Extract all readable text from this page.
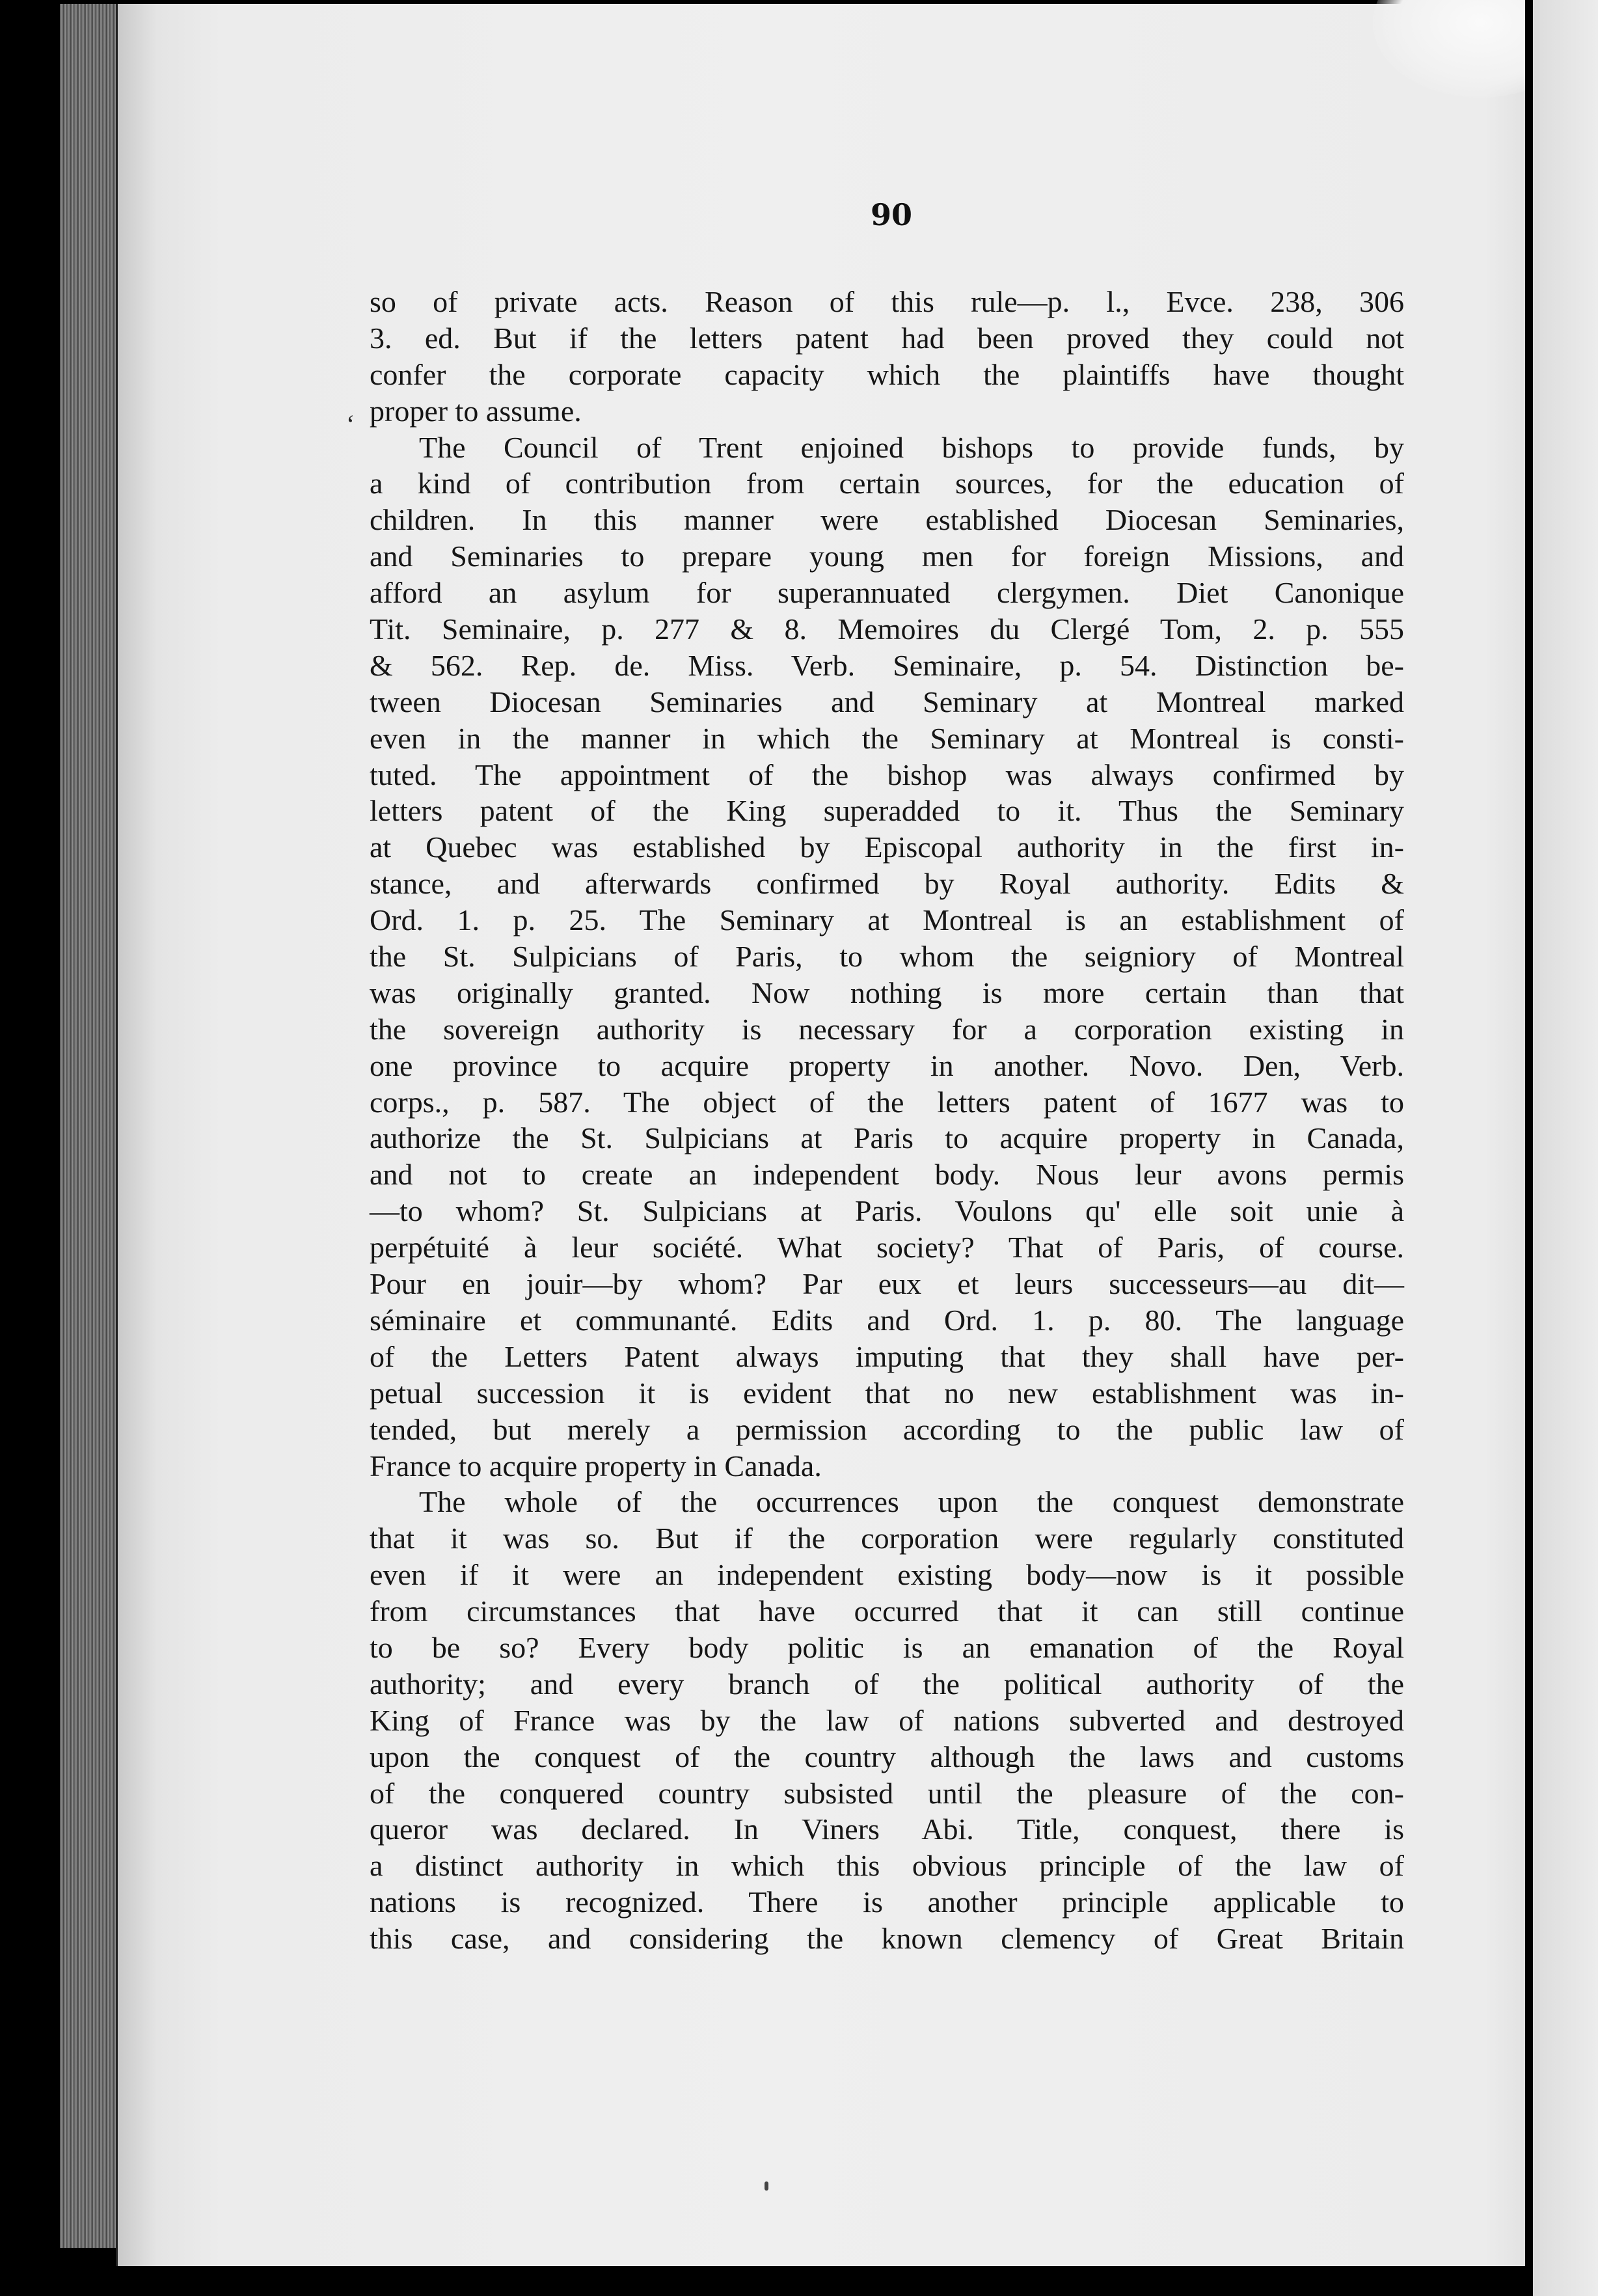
90
‘
so of private acts. Reason of this rule—p. l., Evce. 238, 306
3. ed. But if the letters patent had been proved they could not
confer the corporate capacity which the plaintiffs have thought
proper to assume.
The Council of Trent enjoined bishops to provide funds, by
a kind of contribution from certain sources, for the education of
children. In this manner were established Diocesan Seminaries,
and Seminaries to prepare young men for foreign Missions, and
afford an asylum for superannuated clergymen. Diet Canonique
Tit. Seminaire, p. 277 & 8. Memoires du Clergé Tom, 2. p. 555
& 562. Rep. de. Miss. Verb. Seminaire, p. 54. Distinction be-
tween Diocesan Seminaries and Seminary at Montreal marked
even in the manner in which the Seminary at Montreal is consti-
tuted. The appointment of the bishop was always confirmed by
letters patent of the King superadded to it. Thus the Seminary
at Quebec was established by Episcopal authority in the first in-
stance, and afterwards confirmed by Royal authority. Edits &
Ord. 1. p. 25. The Seminary at Montreal is an establishment of
the St. Sulpicians of Paris, to whom the seigniory of Montreal
was originally granted. Now nothing is more certain than that
the sovereign authority is necessary for a corporation existing in
one province to acquire property in another. Novo. Den, Verb.
corps., p. 587. The object of the letters patent of 1677 was to
authorize the St. Sulpicians at Paris to acquire property in Canada,
and not to create an independent body. Nous leur avons permis
—to whom? St. Sulpicians at Paris. Voulons qu' elle soit unie à
perpétuité à leur société. What society? That of Paris, of course.
Pour en jouir—by whom? Par eux et leurs successeurs—au dit—
séminaire et communanté. Edits and Ord. 1. p. 80. The language
of the Letters Patent always imputing that they shall have per-
petual succession it is evident that no new establishment was in-
tended, but merely a permission according to the public law of
France to acquire property in Canada.
The whole of the occurrences upon the conquest demonstrate
that it was so. But if the corporation were regularly constituted
even if it were an independent existing body—now is it possible
from circumstances that have occurred that it can still continue
to be so? Every body politic is an emanation of the Royal
authority; and every branch of the political authority of the
King of France was by the law of nations subverted and destroyed
upon the conquest of the country although the laws and customs
of the conquered country subsisted until the pleasure of the con-
queror was declared. In Viners Abi. Title, conquest, there is
a distinct authority in which this obvious principle of the law of
nations is recognized. There is another principle applicable to
this case, and considering the known clemency of Great Britain
